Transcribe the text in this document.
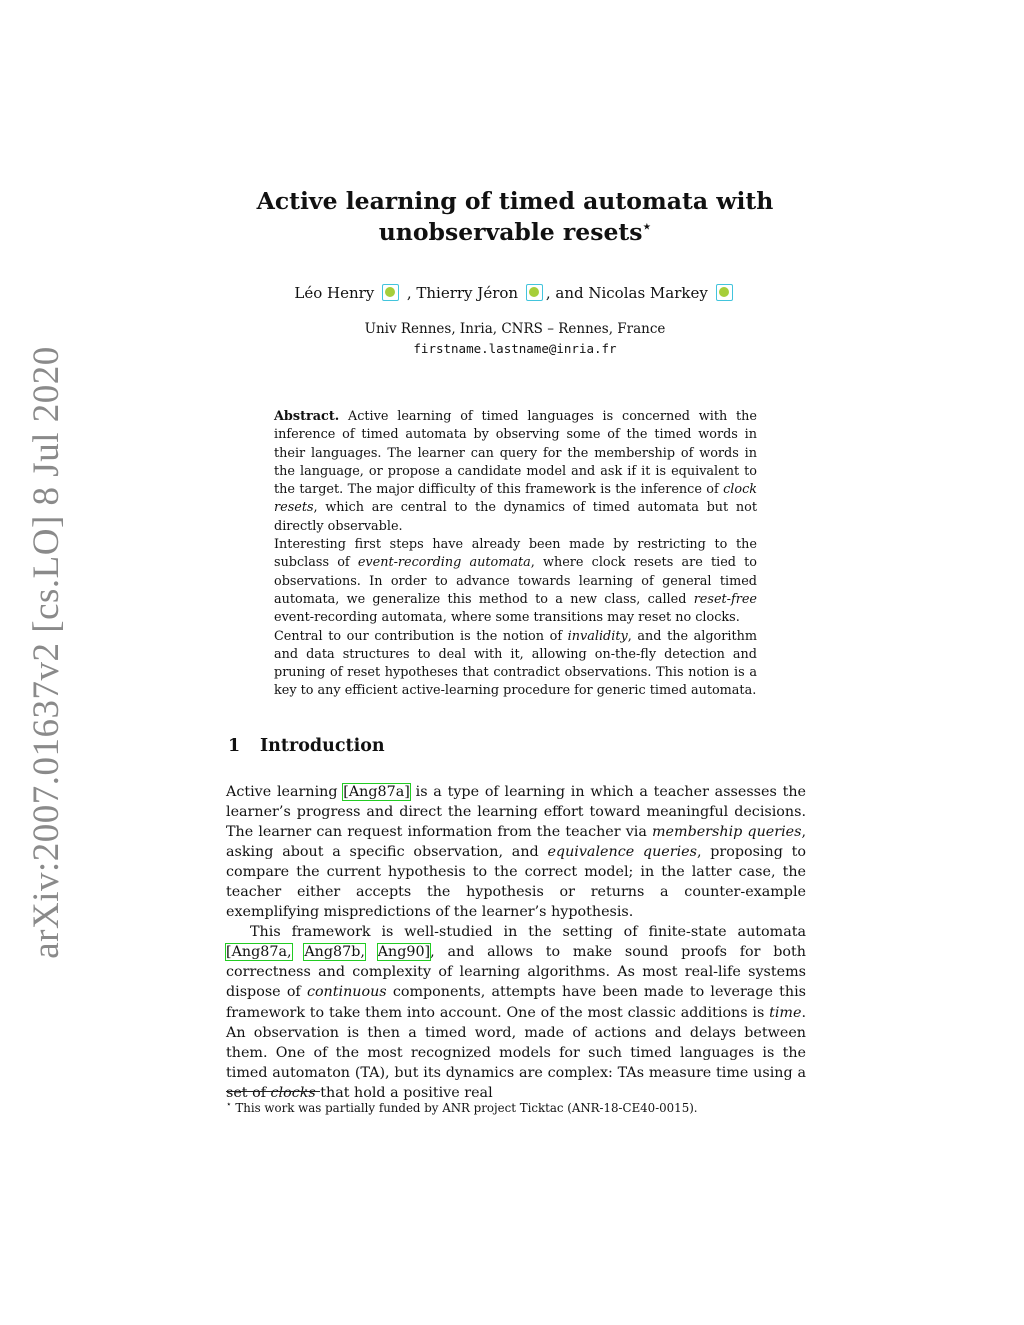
arXiv:2007.01637v2 [cs.LO] 8 Jul 2020
Active learning of timed automata with
unobservable resets⋆
Léo Henry , Thierry Jéron , and Nicolas Markey
Univ Rennes, Inria, CNRS – Rennes, France
firstname.lastname@inria.fr

Abstract. Active learning of timed languages is concerned with the inference of timed automata by observing some of the timed words in their languages. The learner can query for the membership of words in the language, or propose a candidate model and ask if it is equivalent to the target. The major difficulty of this framework is the inference of clock resets, which are central to the dynamics of timed automata but not directly observable.

Interesting first steps have already been made by restricting to the subclass of event-recording automata, where clock resets are tied to observations. In order to advance towards learning of general timed automata, we generalize this method to a new class, called reset-free event-recording automata, where some transitions may reset no clocks.

Central to our contribution is the notion of invalidity, and the algorithm and data structures to deal with it, allowing on-the-fly detection and pruning of reset hypotheses that contradict observations. This notion is a key to any efficient active-learning procedure for generic timed automata.

1 Introduction

Active learning [Ang87a] is a type of learning in which a teacher assesses the learner’s progress and direct the learning effort toward meaningful decisions. The learner can request information from the teacher via membership queries, asking about a specific observation, and equivalence queries, proposing to compare the current hypothesis to the correct model; in the latter case, the teacher either accepts the hypothesis or returns a counter-example exemplifying mispredictions of the learner’s hypothesis.

This framework is well-studied in the setting of finite-state automata [Ang87a, Ang87b, Ang90], and allows to make sound proofs for both correctness and complexity of learning algorithms. As most real-life systems dispose of continuous components, attempts have been made to leverage this framework to take them into account. One of the most classic additions is time. An observation is then a timed word, made of actions and delays between them. One of the most recognized models for such timed languages is the timed automaton (TA), but its dynamics are complex: TAs measure time using a set of clocks that hold a positive real

⋆ This work was partially funded by ANR project Ticktac (ANR-18-CE40-0015).
